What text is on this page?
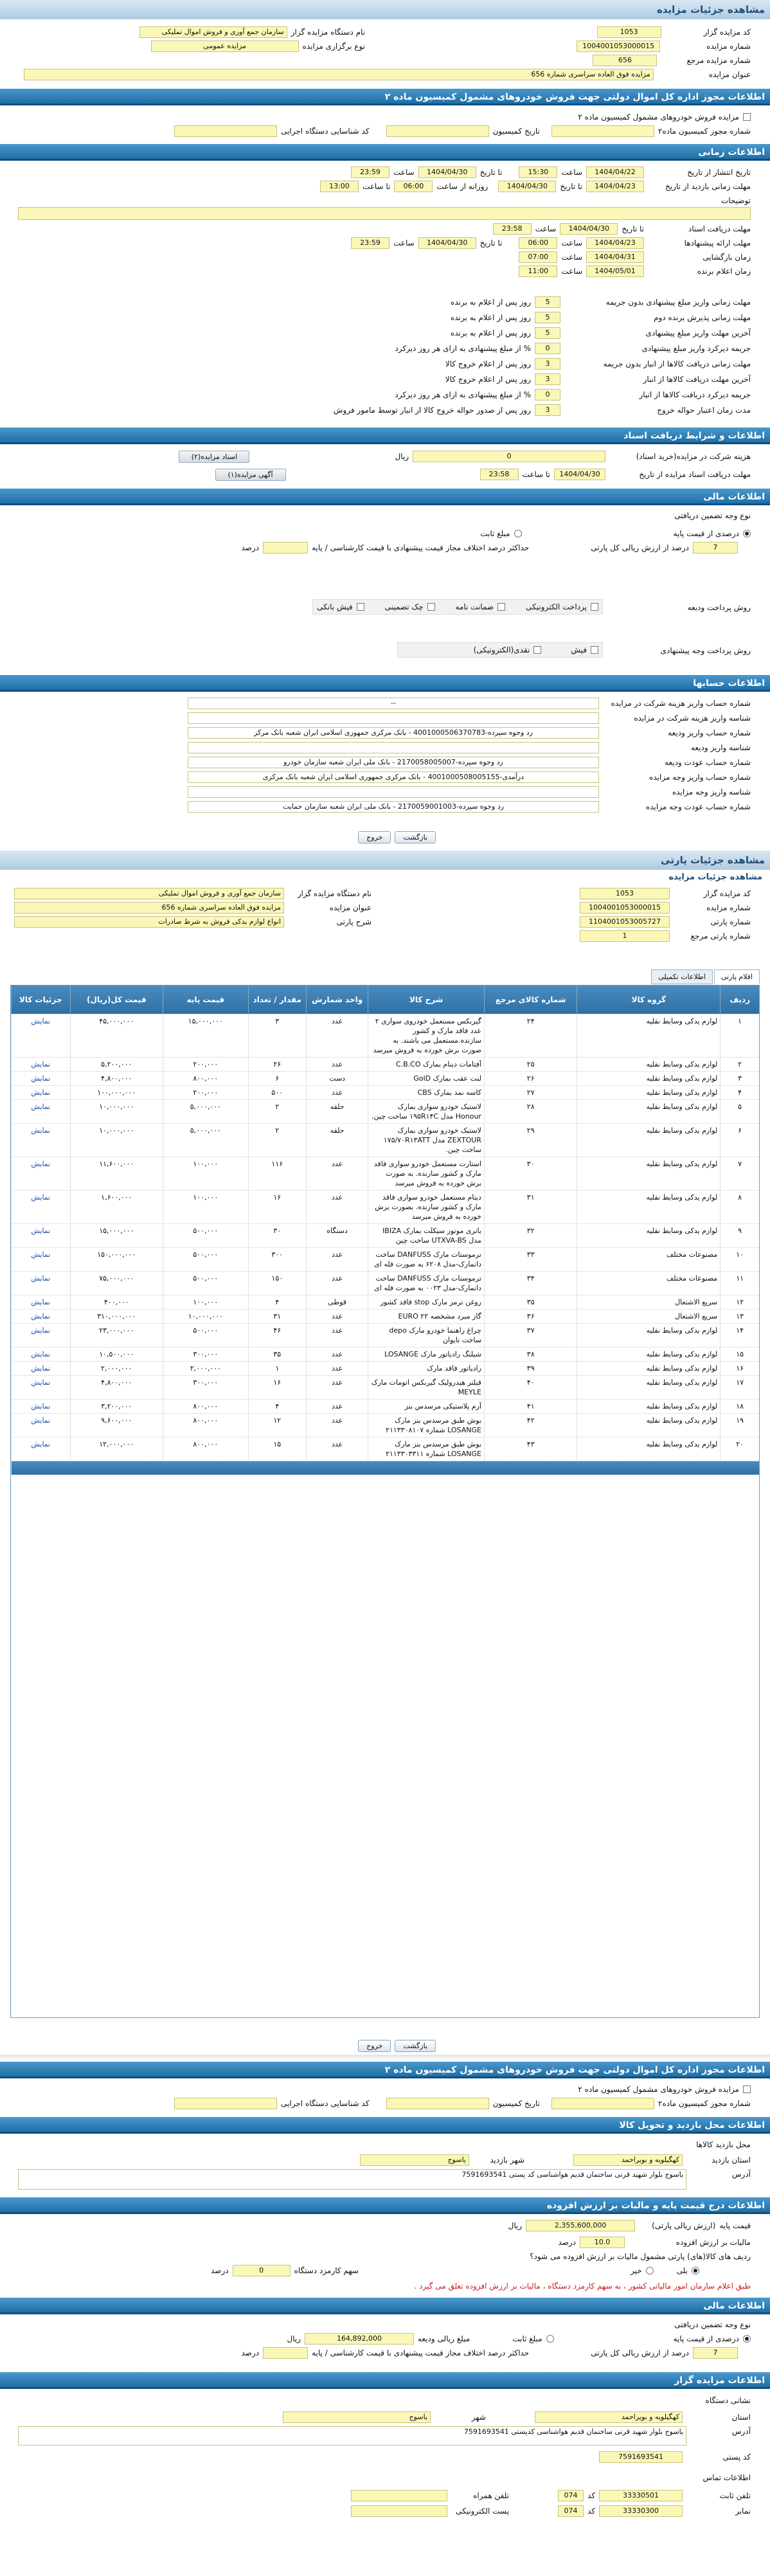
مشاهده جزئیات مزایده
کد مزایده گزار
1053
نام دستگاه مزایده گزار
سازمان جمع آوری و فروش اموال تملیکی
شماره مزایده
1004001053000015
نوع برگزاری مزایده
مزایده عمومی
شماره مزایده مرجع
656
عنوان مزایده
مزایده فوق العاده سراسری شماره 656
اطلاعات مجوز اداره کل اموال دولتی جهت فروش خودروهای مشمول کمیسیون ماده ۲
مزایده فروش خودروهای مشمول کمیسیون ماده ۲
شماره مجوز کمیسیون ماده۲
تاریخ کمیسیون
کد شناسایی دستگاه اجرایی
اطلاعات زمانی
تاریخ انتشار از تاریخ
1404/04/22
ساعت
15:30
تا تاریخ
1404/04/30
ساعت
23:59
مهلت زمانی بازدید از تاریخ
1404/04/23
تا تاریخ
1404/04/30
روزانه از ساعت
06:00
تا ساعت
13:00
توضیحات
مهلت دریافت اسناد
تا تاریخ
1404/04/30
ساعت
23:58
مهلت ارائه پیشنهادها
1404/04/23
ساعت
06:00
تا تاریخ
1404/04/30
ساعت
23:59
زمان بازگشایی
1404/04/31
ساعت
07:00
زمان اعلام برنده
1404/05/01
ساعت
11:00
مهلت زمانی واریز مبلغ پیشنهادی بدون جریمه
5
روز پس از اعلام به برنده
مهلت زمانی پذیرش برنده دوم
5
روز پس از اعلام به برنده
آخرین مهلت واریز مبلغ پیشنهادی
5
روز پس از اعلام به برنده
جریمه دیرکرد واریز مبلغ پیشنهادی
0
% از مبلغ پیشنهادی به ازای هر روز دیرکرد
مهلت زمانی دریافت کالاها از انبار بدون جریمه
3
روز پس از اعلام خروج کالا
آخرین مهلت دریافت کالاها از انبار
3
روز پس از اعلام خروج کالا
جریمه دیرکرد دریافت کالاها از انبار
0
% از مبلغ پیشنهادی به ازای هر روز دیرکرد
مدت زمان اعتبار حواله خروج
3
روز پس از صدور حواله خروج کالا از انبار توسط مامور فروش
اطلاعات و شرایط دریافت اسناد
هزینه شرکت در مزایده(خرید اسناد)
0
ریال
اسناد مزایده(۲)
مهلت دریافت اسناد مزایده از تاریخ
1404/04/30
تا ساعت
23:58
آگهی مزایده(۱)
اطلاعات مالی
نوع وجه تضمین دریافتی
درصدی از قیمت پایه
مبلغ ثابت
7
درصد از ارزش ریالی کل پارتی
حداکثر درصد اختلاف مجاز قیمت پیشنهادی با قیمت کارشناسی / پایه
درصد
روش پرداخت ودیعه
پرداخت الکترونیکی
ضمانت نامه
چک تضمینی
فیش بانکی
روش پرداخت وجه پیشنهادی
فیش
نقدی(الکترونیکی)
اطلاعات حسابها
شماره حساب واریز هزینه شرکت در مزایده
--
شناسه واریز هزینه شرکت در مزایده
شماره حساب واریز ودیعه
رد وجوه سپرده-4001000506370783 - بانک مرکزی جمهوری اسلامی ایران شعبه بانک مرکز
شناسه واریز ودیعه
شماره حساب عودت ودیعه
رد وجوه سپرده-2170058005007 - بانک ملی ایران شعبه سازمان خودرو
شماره حساب واریز وجه مزایده
درآمدی-4001000508005155 - بانک مرکزی جمهوری اسلامی ایران شعبه بانک مرکزی
شناسه واریز وجه مزایده
شماره حساب عودت وجه مزایده
رد وجوه سپرده-2170059001003 - بانک ملی ایران شعبه سازمان حمایت
بازگشت
خروج
مشاهده جزئیات پارتی
مشاهده جزئیات مزایده
کد مزایده گزار
1053
نام دستگاه مزایده گزار
سازمان جمع آوری و فروش اموال تملیکی
شماره مزایده
1004001053000015
عنوان مزایده
مزایده فوق العاده سراسری شماره 656
شماره پارتی
1104001053005727
شرح پارتی
انواع لوازم یدکی فروش به شرط صادرات
شماره پارتی مرجع
1
اقلام پارتی
اطلاعات تکمیلی
ردیف	گروه کالا	شماره کالای مرجع	شرح کالا	واحد شمارش	مقدار / تعداد	قیمت پایه	قیمت کل(ریال)	جزئیات کالا
۱	لوازم یدکی وسایط نقلیه	۲۴	گیربکس مستعمل خودروی سواری ۲ عدد فاقد مارک و کشور سازنده.مستعمل می باشند. به صورت برش خورده به فروش میرسد	عدد	۳	۱۵,۰۰۰,۰۰۰	۴۵,۰۰۰,۰۰۰	نمایش
۲	لوازم یدکی وسایط نقلیه	۲۵	آفتامات دینام بمارک C.B.CO	عدد	۲۶	۲۰۰,۰۰۰	۵,۲۰۰,۰۰۰	نمایش
۳	لوازم یدکی وسایط نقلیه	۲۶	لنت عقب بمارک GolD	دست	۶	۸۰۰,۰۰۰	۴,۸۰۰,۰۰۰	نمایش
۴	لوازم یدکی وسایط نقلیه	۲۷	کاسه نمد بمارک CBS	عدد	۵۰۰	۲۰۰,۰۰۰	۱۰۰,۰۰۰,۰۰۰	نمایش
۵	لوازم یدکی وسایط نقلیه	۲۸	لاستیک خودرو سواری بمارک Honour مدل ۱۹۵R۱۴C ساخت چین.	حلقه	۲	۵,۰۰۰,۰۰۰	۱۰,۰۰۰,۰۰۰	نمایش
۶	لوازم یدکی وسایط نقلیه	۲۹	لاستیک خودرو سواری بمارک ZEXTOUR مدل ۱۷۵/۷۰R۱۳ATT ساخت چین.	حلقه	۲	۵,۰۰۰,۰۰۰	۱۰,۰۰۰,۰۰۰	نمایش
۷	لوازم یدکی وسایط نقلیه	۳۰	استارت مستعمل خودرو سواری فاقد مارک و کشور سازنده. به صورت برش خورده به فروش میرسد	عدد	۱۱۶	۱۰۰,۰۰۰	۱۱,۶۰۰,۰۰۰	نمایش
۸	لوازم یدکی وسایط نقلیه	۳۱	دینام مستعمل خودرو سواری فاقد مارک و کشور سازنده. بصورت برش خورده به فروش میرسد	عدد	۱۶	۱۰۰,۰۰۰	۱,۶۰۰,۰۰۰	نمایش
۹	لوازم یدکی وسایط نقلیه	۳۲	باتری موتور سیکلت بمارک IBIZA مدل UTXVA-BS ساخت چین	دستگاه	۳۰	۵۰۰,۰۰۰	۱۵,۰۰۰,۰۰۰	نمایش
۱۰	مصنوعات مختلف	۳۳	ترموستات مارک DANFUSS ساخت دانمارک-مدل ۶۲۰۸ به صورت فله ای	عدد	۳۰۰	۵۰۰,۰۰۰	۱۵۰,۰۰۰,۰۰۰	نمایش
۱۱	مصنوعات مختلف	۳۴	ترموستات مارک DANFUSS ساخت دانمارک-مدل ۰۰۲۳ به صورت فله ای	عدد	۱۵۰	۵۰۰,۰۰۰	۷۵,۰۰۰,۰۰۰	نمایش
۱۲	سریع الاشتعال	۳۵	روغن ترمز مارک stop فاقد کشور	قوطی	۴	۱۰۰,۰۰۰	۴۰۰,۰۰۰	نمایش
۱۳	سریع الاشتعال	۳۶	گاز مبرد مشخصه EURO ۲۲	عدد	۳۱	۱۰,۰۰۰,۰۰۰	۳۱۰,۰۰۰,۰۰۰	نمایش
۱۴	لوازم یدکی وسایط نقلیه	۳۷	چراغ راهنما خودرو مارک depo ساخت تایوان	عدد	۴۶	۵۰۰,۰۰۰	۲۳,۰۰۰,۰۰۰	نمایش
۱۵	لوازم یدکی وسایط نقلیه	۳۸	شیلنگ رادیاتور مارک LOSANGE	عدد	۳۵	۳۰۰,۰۰۰	۱۰,۵۰۰,۰۰۰	نمایش
۱۶	لوازم یدکی وسایط نقلیه	۳۹	رادیاتور فاقد مارک	عدد	۱	۲,۰۰۰,۰۰۰	۲,۰۰۰,۰۰۰	نمایش
۱۷	لوازم یدکی وسایط نقلیه	۴۰	فیلتر هیدرولیک گیربکس اتومات مارک MEYLE	عدد	۱۶	۳۰۰,۰۰۰	۴,۸۰۰,۰۰۰	نمایش
۱۸	لوازم یدکی وسایط نقلیه	۴۱	آرم پلاستیکی مرسدس بنز	عدد	۴	۸۰۰,۰۰۰	۳,۲۰۰,۰۰۰	نمایش
۱۹	لوازم یدکی وسایط نقلیه	۴۲	بوش طبق مرسدس بنز مارک LOSANGE شماره ۲۱۱۳۳۰۸۱۰۷	عدد	۱۲	۸۰۰,۰۰۰	۹,۶۰۰,۰۰۰	نمایش
۲۰	لوازم یدکی وسایط نقلیه	۴۳	بوش طبق مرسدس بنز مارک LOSANGE شماره ۲۱۱۳۳۰۳۳۱۱	عدد	۱۵	۸۰۰,۰۰۰	۱۲,۰۰۰,۰۰۰	نمایش

بازگشت
خروج
اطلاعات مجوز اداره کل اموال دولتی جهت فروش خودروهای مشمول کمیسیون ماده ۲
مزایده فروش خودروهای مشمول کمیسیون ماده ۲
شماره مجوز کمیسیون ماده۲
تاریخ کمیسیون
کد شناسایی دستگاه اجرایی
اطلاعات محل بازدید و تحویل کالا
محل بازدید کالاها
استان بازدید
کهگیلویه و بویراحمد
شهر بازدید
یاسوج
آدرس
یاسوج بلوار شهید قرنی ساختمان قدیم هواشناسی کد پستی 7591693541
اطلاعات درج قیمت پایه و مالیات بر ارزش افزوده
قیمت پایه
(ارزش ریالی پارتی)
2,355,600,000
ریال
مالیات بر ارزش افزوده
10.0
درصد
ردیف های کالا(های) پارتی مشمول مالیات بر ارزش افزوده می شود؟
بلی
خیر
سهم کارمزد دستگاه
0
درصد
طبق اعلام سازمان امور مالیاتی کشور ، به سهم کارمزد دستگاه ، مالیات بر ارزش افزوده تعلق می گیرد .
اطلاعات مالی
نوع وجه تضمین دریافتی
درصدی از قیمت پایه
مبلغ ثابت
مبلغ ریالی ودیعه
164,892,000
ریال
7
درصد از ارزش ریالی کل پارتی
حداکثر درصد اختلاف مجاز قیمت پیشنهادی با قیمت کارشناسی / پایه
درصد
اطلاعات مزایده گزار
نشانی دستگاه
استان
کهگیلویه و بویراحمد
شهر
یاسوج
آدرس
یاسوج بلوار شهید قرنی ساختمان قدیم هواشناسی کدپستی 7591693541
کد پستی
7591693541
اطلاعات تماس
تلفن ثابت
33330501
کد
074
تلفن همراه
نمابر
33330300
کد
074
پست الکترونیکی
